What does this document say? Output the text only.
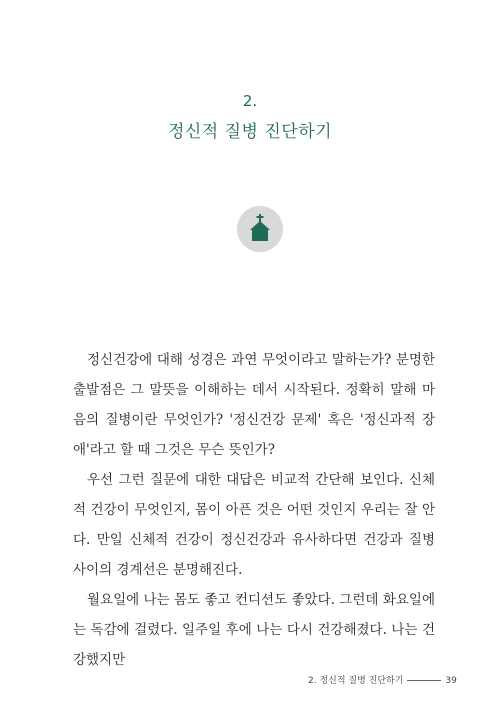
2.
정신적 질병 진단하기

정신건강에 대해 성경은 과연 무엇이라고 말하는가? 분명한 출발점은 그 말뜻을 이해하는 데서 시작된다. 정확히 말해 마음의 질병이란 무엇인가? '정신건강 문제' 혹은 '정신과적 장애'라고 할 때 그것은 무슨 뜻인가?

우선 그런 질문에 대한 대답은 비교적 간단해 보인다. 신체적 건강이 무엇인지, 몸이 아픈 것은 어떤 것인지 우리는 잘 안다. 만일 신체적 건강이 정신건강과 유사하다면 건강과 질병 사이의 경계선은 분명해진다.

월요일에 나는 몸도 좋고 컨디션도 좋았다. 그런데 화요일에는 독감에 걸렸다. 일주일 후에 나는 다시 건강해졌다. 나는 건강했지만

2. 정신적 질병 진단하기	39
